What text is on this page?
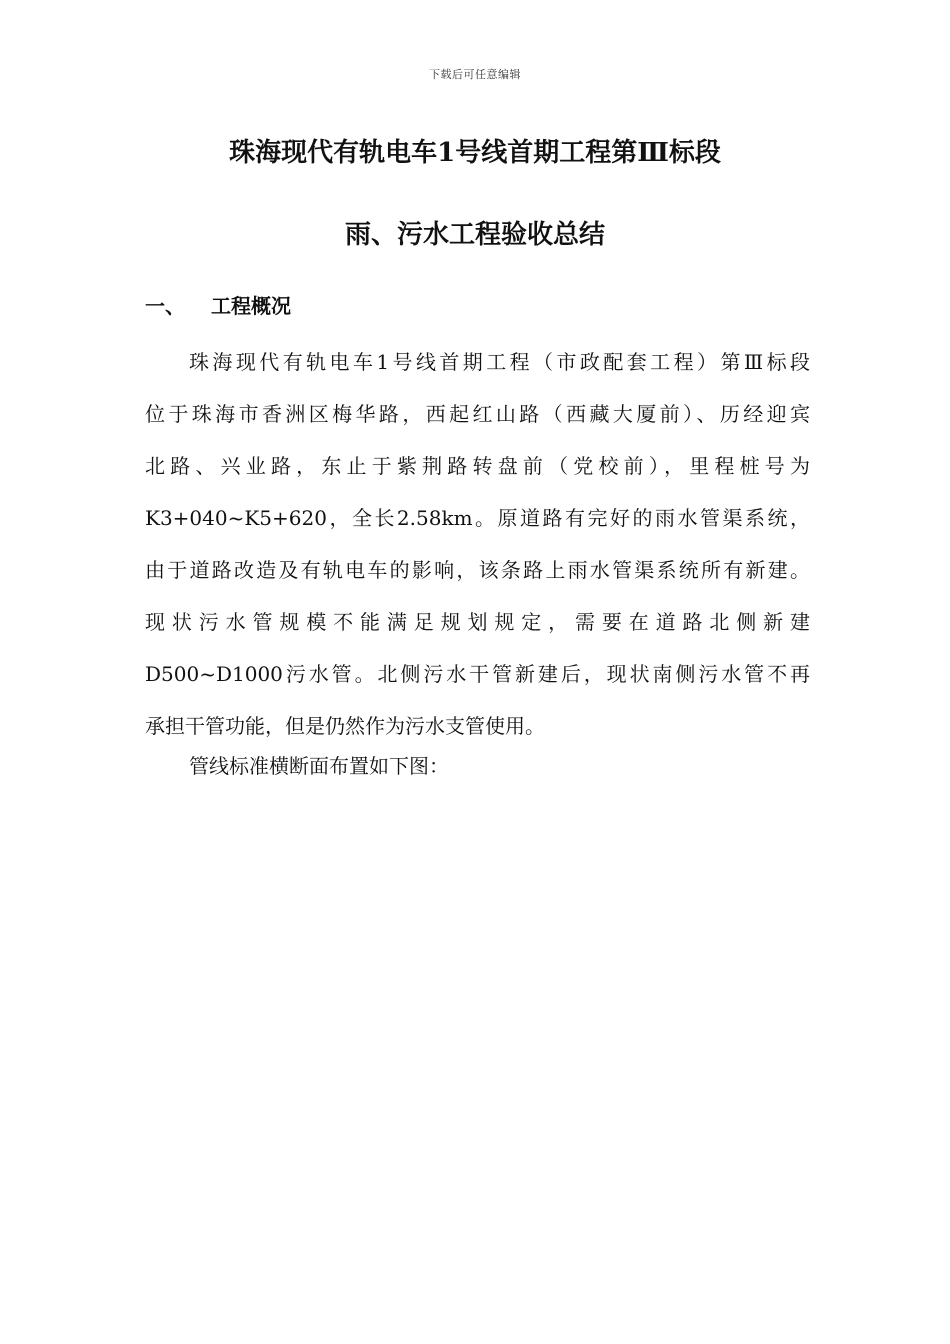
下载后可任意编辑
珠海现代有轨电车1号线首期工程第Ⅲ标段
雨、污水工程验收总结
一、 工程概况
珠海现代有轨电车1号线首期工程（市政配套工程）第Ⅲ标段
位于珠海市香洲区梅华路，西起红山路（西藏大厦前）、历经迎宾
北路、兴业路，东止于紫荆路转盘前（党校前），里程桩号为
K3+040~K5+620，全长2.58km。原道路有完好的雨水管渠系统，
由于道路改造及有轨电车的影响，该条路上雨水管渠系统所有新建。
现状污水管规模不能满足规划规定，需要在道路北侧新建
D500~D1000污水管。北侧污水干管新建后，现状南侧污水管不再
承担干管功能，但是仍然作为污水支管使用。
管线标准横断面布置如下图：
